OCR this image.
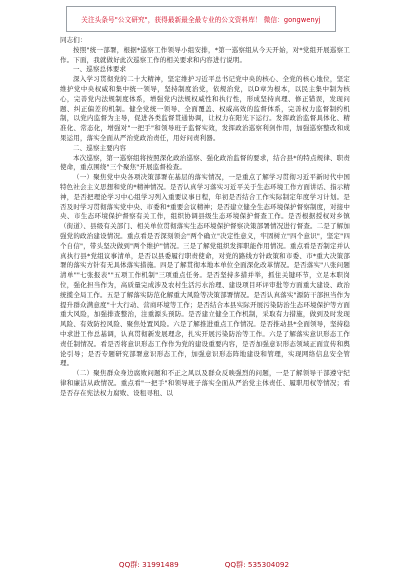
关注头条号"公文研究"，获得最新最全最专业的公文资料库！ 微信：gongwenyj

同志们：

按照"统一部署，根据*巡察工作领导小组安排，*第一巡察组从今天开始，对*党组开展巡察工作。下面，我就做好此次巡察工作的相关要求和内容进行说明。

一、巡察总体要求

深入学习贯彻党的二十大精神，坚定维护习近平总书记党中央的核心、全党的核心地位，坚定维护党中央权威和集中统一领导，坚持制度治党，依规治党，以D章为根本，以民主集中制为核心，完善党内法规制度体系，增强党内法规权威性和执行性，形成坚持真理、修正错误，发现问题、纠正偏差的机制。健全党统一领导、全面覆盖、权威高效的监督体系，完善权力监督制约机制，以党内监督为主导，促进各类监督贯通协调，让权力在阳光下运行。发挥政治监督具体化、精准化、常态化，增强对"一把手"和领导班子监督实效，发挥政治巡察利剑作用，加强巡察整改和成果运用，落实全面从严治党政治责任，用好问责利器。

二、巡察主要内容

本次巡察，第一巡察组将按照深化政治巡察、强化政治监督的要求，结合县*的特点规律、职责使命，重点围绕"三个聚焦"开展监督检查。

（一）聚焦党中央各项决策部署在基层的落实情况，一是重点了解学习贯彻习近平新时代中国特色社会主义思想和党的*精神情况。是否认真学习落实习近平关于生态环境工作方面讲话、指示精神，是否把理论学习中心组学习列入重要议事日程，年初是否结合工作实际制定年度学习计划。是否及时学习贯彻落实党中央、市委和*重要会议精神；是否建立健全生态环境保护督察制度，对接中央、市生态环境保护督察有关工作，组织协调县级生态环境保护督查工作。是否根据授权对乡镇（街道）、县级有关部门、相关单位贯彻落实生态环境保护督察决策部署情况进行督查。二是了解加强党的政治建设情况。重点看是否深刻领会"两个确立"决定性意义，牢固树立"四个意识"，坚定"四个自信"，带头坚决做到"两个维护"情况。三是了解党组织发挥职能作用情况。重点看是否制定并认真执行县*党组议事清单，是否以县委履行职责使命，对党的路线方针政策和市委、市*重大决策部署的落实方针有无具体落实措施。四是了解贯彻本地本单位全面深化改革情况。是否落实"八张问题清单""七张报表""五项工作机制"三项重点任务。是否坚持多措并举，抓住关键环节，立足本职岗位，强化担当作为，高质量完成涉及农村生活污水治理、建设项目环评审批等方面重大建设、政治统揽全局工作。五是了解落实防范化解重大风险等决策部署情况。是否认真落实"源防干部担当作为提升群众满意度"十大行动、营商环境等工作；是否结合本县实际开展污染防治生态环境保护等方面重大风险，加强排查整治，注重源头预防。是否建立健全工作机制，采取有力措施，做到及时发现风险、有效防控风险、聚焦处置风险。六是了解推进重点工作情况。是否推动县*全面领导，坚持稳中求进工作总基调，认真贯彻新发展理念，扎实开展污染防治等工作。六是了解落实意识形态工作责任制情况。看是否将意识形态工作作为党的建设重要内容，是否加强意识形态领域正面宣传和舆论引导；是否专题研究部署意识形态工作，加强意识形态阵地建设和管理，实现网络信息安全管理。

（二）聚焦群众身边腐败问题和不正之风以及群众反映强烈的问题，一是了解领导干部遵守纪律和廉洁从政情况。重点看"一把手"和领导班子落实全面从严治党主体责任、履职用权等情况；看是否存在宪法权力腐败、设租寻租、以

QQ群: 31991489	QQ群: 535304092
